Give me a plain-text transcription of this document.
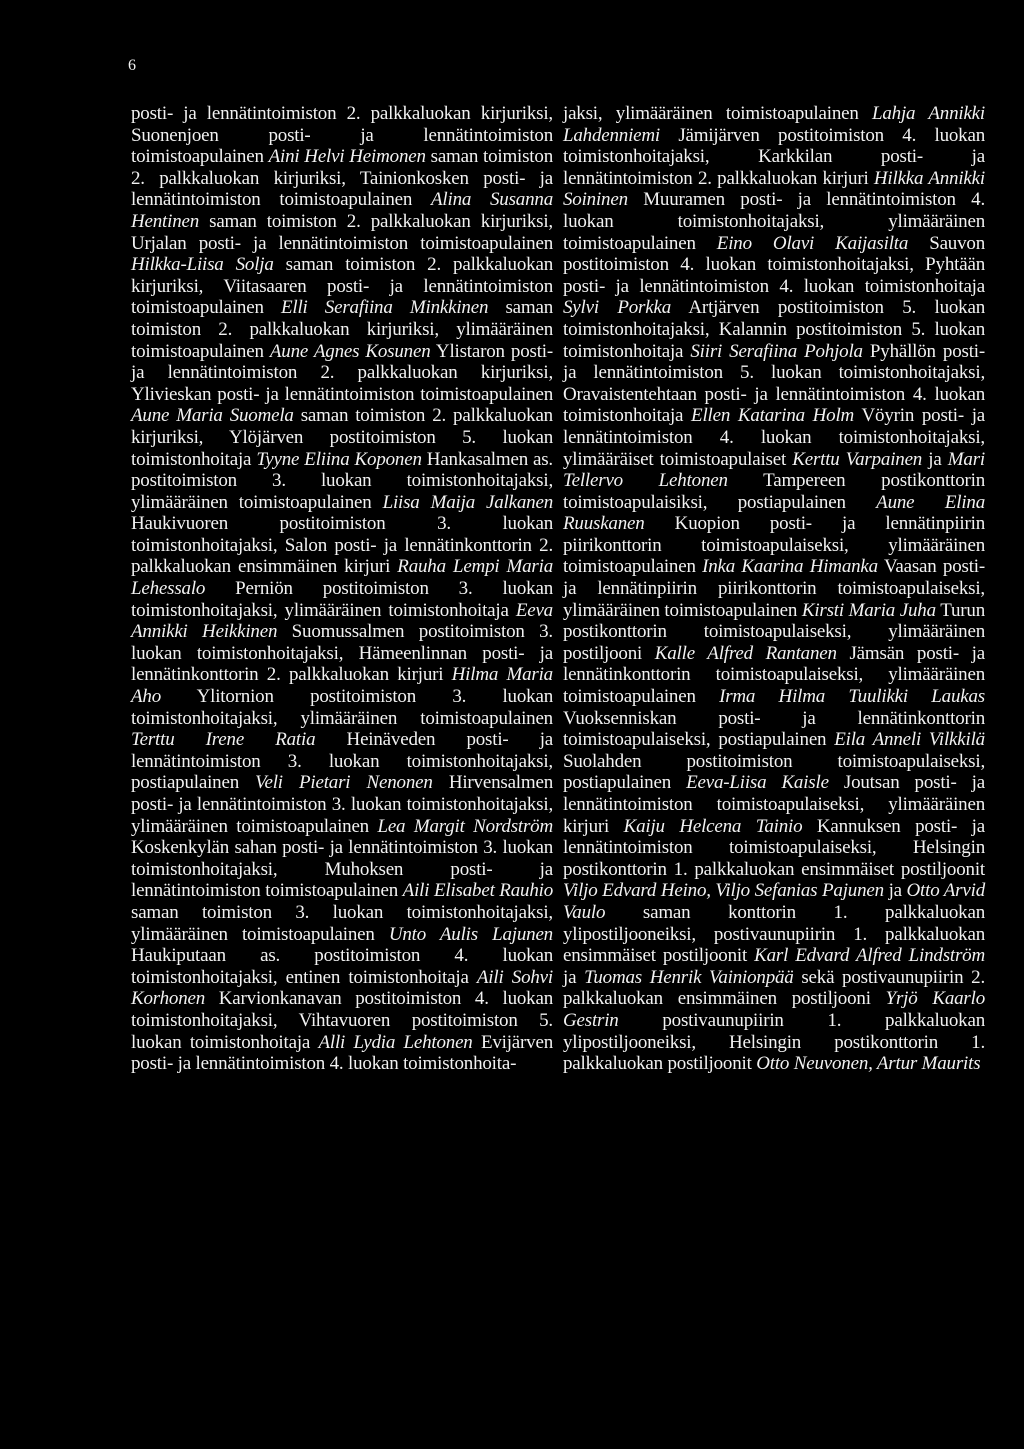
6

posti- ja lennätintoimiston 2. palkkaluokan kirjuriksi, Suonenjoen posti- ja lennätintoimiston toimistoapulainen Aini Helvi Heimonen saman toimiston 2. palkkaluokan kirjuriksi, Tainionkosken posti- ja lennätintoimiston toimistoapulainen Alina Susanna Hentinen saman toimiston 2. palkkaluokan kirjuriksi, Urjalan posti- ja lennätintoimiston toimistoapulainen Hilkka-Liisa Solja saman toimiston 2. palkkaluokan kirjuriksi, Viitasaaren posti- ja lennätintoimiston toimistoapulainen Elli Serafiina Minkkinen saman toimiston 2. palkkaluokan kirjuriksi, ylimääräinen toimistoapulainen Aune Agnes Kosunen Ylistaron posti- ja lennätintoimiston 2. palkkaluokan kirjuriksi, Ylivieskan posti- ja lennätintoimiston toimistoapulainen Aune Maria Suomela saman toimiston 2. palkkaluokan kirjuriksi, Ylöjärven postitoimiston 5. luokan toimistonhoitaja Tyyne Eliina Koponen Hankasalmen as. postitoimiston 3. luokan toimistonhoitajaksi, ylimääräinen toimistoapulainen Liisa Maija Jalkanen Haukivuoren postitoimiston 3. luokan toimistonhoitajaksi, Salon posti- ja lennätinkonttorin 2. palkkaluokan ensimmäinen kirjuri Rauha Lempi Maria Lehessalo Perniön postitoimiston 3. luokan toimistonhoitajaksi, ylimääräinen toimistonhoitaja Eeva Annikki Heikkinen Suomussalmen postitoimiston 3. luokan toimistonhoitajaksi, Hämeenlinnan posti- ja lennätinkonttorin 2. palkkaluokan kirjuri Hilma Maria Aho Ylitornion postitoimiston 3. luokan toimistonhoitajaksi, ylimääräinen toimistoapulainen Terttu Irene Ratia Heinäveden posti- ja lennätintoimiston 3. luokan toimistonhoitajaksi, postiapulainen Veli Pietari Nenonen Hirvensalmen posti- ja lennätintoimiston 3. luokan toimistonhoitajaksi, ylimääräinen toimistoapulainen Lea Margit Nordström Koskenkylän sahan posti- ja lennätintoimiston 3. luokan toimistonhoitajaksi, Muhoksen posti- ja lennätintoimiston toimistoapulainen Aili Elisabet Rauhio saman toimiston 3. luokan toimistonhoitajaksi, ylimääräinen toimistoapulainen Unto Aulis Lajunen Haukiputaan as. postitoimiston 4. luokan toimistonhoitajaksi, entinen toimistonhoitaja Aili Sohvi Korhonen Karvionkanavan postitoimiston 4. luokan toimistonhoitajaksi, Vihtavuoren postitoimiston 5. luokan toimistonhoitaja Alli Lydia Lehtonen Evijärven posti- ja lennätintoimiston 4. luokan toimistonhoita-

jaksi, ylimääräinen toimistoapulainen Lahja Annikki Lahdenniemi Jämijärven postitoimiston 4. luokan toimistonhoitajaksi, Karkkilan posti- ja lennätintoimiston 2. palkkaluokan kirjuri Hilkka Annikki Soininen Muuramen posti- ja lennätintoimiston 4. luokan toimistonhoitajaksi, ylimääräinen toimistoapulainen Eino Olavi Kaijasilta Sauvon postitoimiston 4. luokan toimistonhoitajaksi, Pyhtään posti- ja lennätintoimiston 4. luokan toimistonhoitaja Sylvi Porkka Artjärven postitoimiston 5. luokan toimistonhoitajaksi, Kalannin postitoimiston 5. luokan toimistonhoitaja Siiri Serafiina Pohjola Pyhällön posti- ja lennätintoimiston 5. luokan toimistonhoitajaksi, Oravaistentehtaan posti- ja lennätintoimiston 4. luokan toimistonhoitaja Ellen Katarina Holm Vöyrin posti- ja lennätintoimiston 4. luokan toimistonhoitajaksi, ylimääräiset toimistoapulaiset Kerttu Varpainen ja Mari Tellervo Lehtonen Tampereen postikonttorin toimistoapulaisiksi, postiapulainen Aune Elina Ruuskanen Kuopion posti- ja lennätinpiirin piirikonttorin toimistoapulaiseksi, ylimääräinen toimistoapulainen Inka Kaarina Himanka Vaasan posti- ja lennätinpiirin piirikonttorin toimistoapulaiseksi, ylimääräinen toimistoapulainen Kirsti Maria Juha Turun postikonttorin toimistoapulaiseksi, ylimääräinen postiljooni Kalle Alfred Rantanen Jämsän posti- ja lennätinkonttorin toimistoapulaiseksi, ylimääräinen toimistoapulainen Irma Hilma Tuulikki Laukas Vuoksenniskan posti- ja lennätinkonttorin toimistoapulaiseksi, postiapulainen Eila Anneli Vilkkilä Suolahden postitoimiston toimistoapulaiseksi, postiapulainen Eeva-Liisa Kaisle Joutsan posti- ja lennätintoimiston toimistoapulaiseksi, ylimääräinen kirjuri Kaiju Helcena Tainio Kannuksen posti- ja lennätintoimiston toimistoapulaiseksi, Helsingin postikonttorin 1. palkkaluokan ensimmäiset postiljoonit Viljo Edvard Heino, Viljo Sefanias Pajunen ja Otto Arvid Vaulo saman konttorin 1. palkkaluokan ylipostiljooneiksi, postivaunupiirin 1. palkkaluokan ensimmäiset postiljoonit Karl Edvard Alfred Lindström ja Tuomas Henrik Vainionpää sekä postivaunupiirin 2. palkkaluokan ensimmäinen postiljooni Yrjö Kaarlo Gestrin postivaunupiirin 1. palkkaluokan ylipostiljooneiksi, Helsingin postikonttorin 1. palkkaluokan postiljoonit Otto Neuvonen, Artur Maurits
